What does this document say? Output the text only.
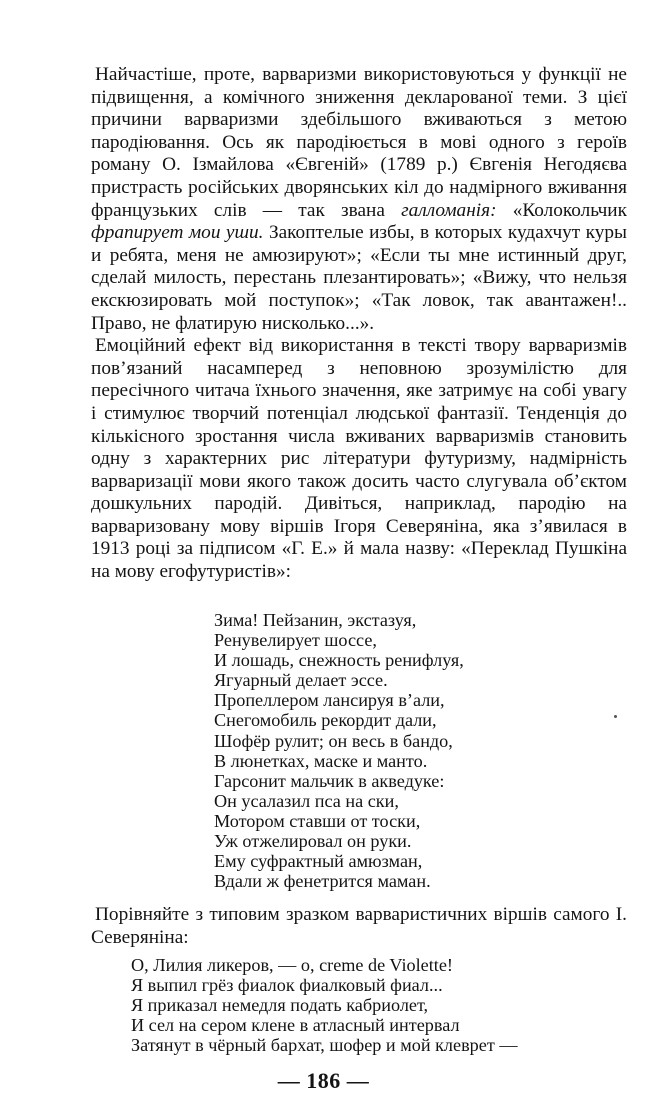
Найчастіше, проте, варваризми використовуються у функції не підвищення, а комічного зниження декларованої теми. З цієї причини варваризми здебільшого вживаються з метою пародіювання. Ось як пародіюється в мові одного з героїв роману О. Ізмайлова «Євгеній» (1789 р.) Євгенія Негодяєва пристрасть російських дворянських кіл до надмірного вживання французьких слів — так звана галломанія: «Колокольчик фрапирует мои уши. Закоптелые избы, в которых кудахчут куры и ребята, меня не амюзируют»; «Если ты мне истинный друг, сделай милость, перестань плезантировать»; «Вижу, что нельзя екскюзировать мой поступок»; «Так ловок, так авантажен!.. Право, не флатирую нисколько...».

Емоційний ефект від використання в тексті твору варваризмів пов’язаний насамперед з неповною зрозумілістю для пересічного читача їхнього значення, яке затримує на собі увагу і стимулює творчий потенціал людської фантазії. Тенденція до кількісного зростання числа вживаних варваризмів становить одну з характерних рис літератури футуризму, надмірність варваризації мови якого також досить часто слугувала об’єктом дошкульних пародій. Дивіться, наприклад, пародію на варваризовану мову віршів Ігоря Северяніна, яка з’явилася в 1913 році за підписом «Г. Е.» й мала назву: «Переклад Пушкіна на мову егофутуристів»:

Зима! Пейзанин, экстазуя,
Ренувелирует шоссе,
И лошадь, снежность ренифлуя,
Ягуарный делает эссе.
Пропеллером лансируя в’али,
Снегомобиль рекордит дали,
Шофёр рулит; он весь в бандо,
В люнетках, маске и манто.
Гарсонит мальчик в акведуке:
Он усалазил пса на ски,
Мотором ставши от тоски,
Уж отжелировал он руки.
Ему суфрактный амюзман,
Вдали ж фенетрится маман.

Порівняйте з типовим зразком варваристичних віршів самого І. Северяніна:

О, Лилия ликеров, — о, creme de Violette!
Я выпил грёз фиалок фиалковый фиал...
Я приказал немедля подать кабриолет,
И сел на сером клене в атласный интервал
Затянут в чёрный бархат, шофер и мой клеврет —
— 186 —
